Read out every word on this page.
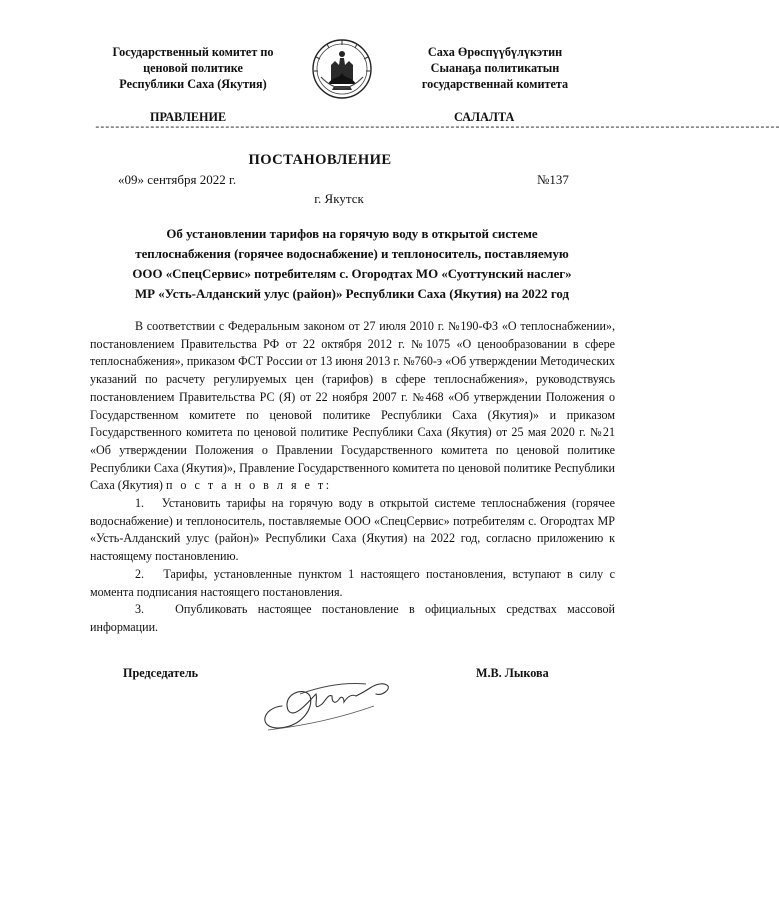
Государственный комитет по
ценовой политике
Республики Саха (Якутия)
Саха Өрөспүүбүлүкэтин
Сыанаҕа политикатын
государственнай комитета
ПРАВЛЕНИЕ	САЛАЛТА
-----------------------------------------------------------------------------------------------------------------------------------------
ПОСТАНОВЛЕНИЕ
«09» сентября 2022 г.	№137
г. Якутск
Об установлении тарифов на горячую воду в открытой системе
теплоснабжения (горячее водоснабжение) и теплоноситель, поставляемую
ООО «СпецСервис» потребителям с. Огородтах МО «Суоттунский наслег»
МР «Усть-Алданский улус (район)» Республики Саха (Якутия) на 2022 год

В соответствии с Федеральным законом от 27 июля 2010 г. №190-ФЗ «О теплоснабжении», постановлением Правительства РФ от 22 октября 2012 г. №1075 «О ценообразовании в сфере теплоснабжения», приказом ФСТ России от 13 июня 2013 г. №760-э «Об утверждении Методических указаний по расчету регулируемых цен (тарифов) в сфере теплоснабжения», руководствуясь постановлением Правительства РС (Я) от 22 ноября 2007 г. №468 «Об утверждении Положения о Государственном комитете по ценовой политике Республики Саха (Якутия)» и приказом Государственного комитета по ценовой политике Республики Саха (Якутия) от 25 мая 2020 г. №21 «Об утверждении Положения о Правлении Государственного комитета по ценовой политике Республики Саха (Якутия)», Правление Государственного комитета по ценовой политике Республики Саха (Якутия) п о с т а н о в л я е т:

1. Установить тарифы на горячую воду в открытой системе теплоснабжения (горячее водоснабжение) и теплоноситель, поставляемые ООО «СпецСервис» потребителям с. Огородтах МР «Усть-Алданский улус (район)» Республики Саха (Якутия) на 2022 год, согласно приложению к настоящему постановлению.

2. Тарифы, установленные пунктом 1 настоящего постановления, вступают в силу с момента подписания настоящего постановления.

3.	Опубликовать настоящее постановление в официальных средствах массовой информации.

Председатель	М.В. Лыкова
